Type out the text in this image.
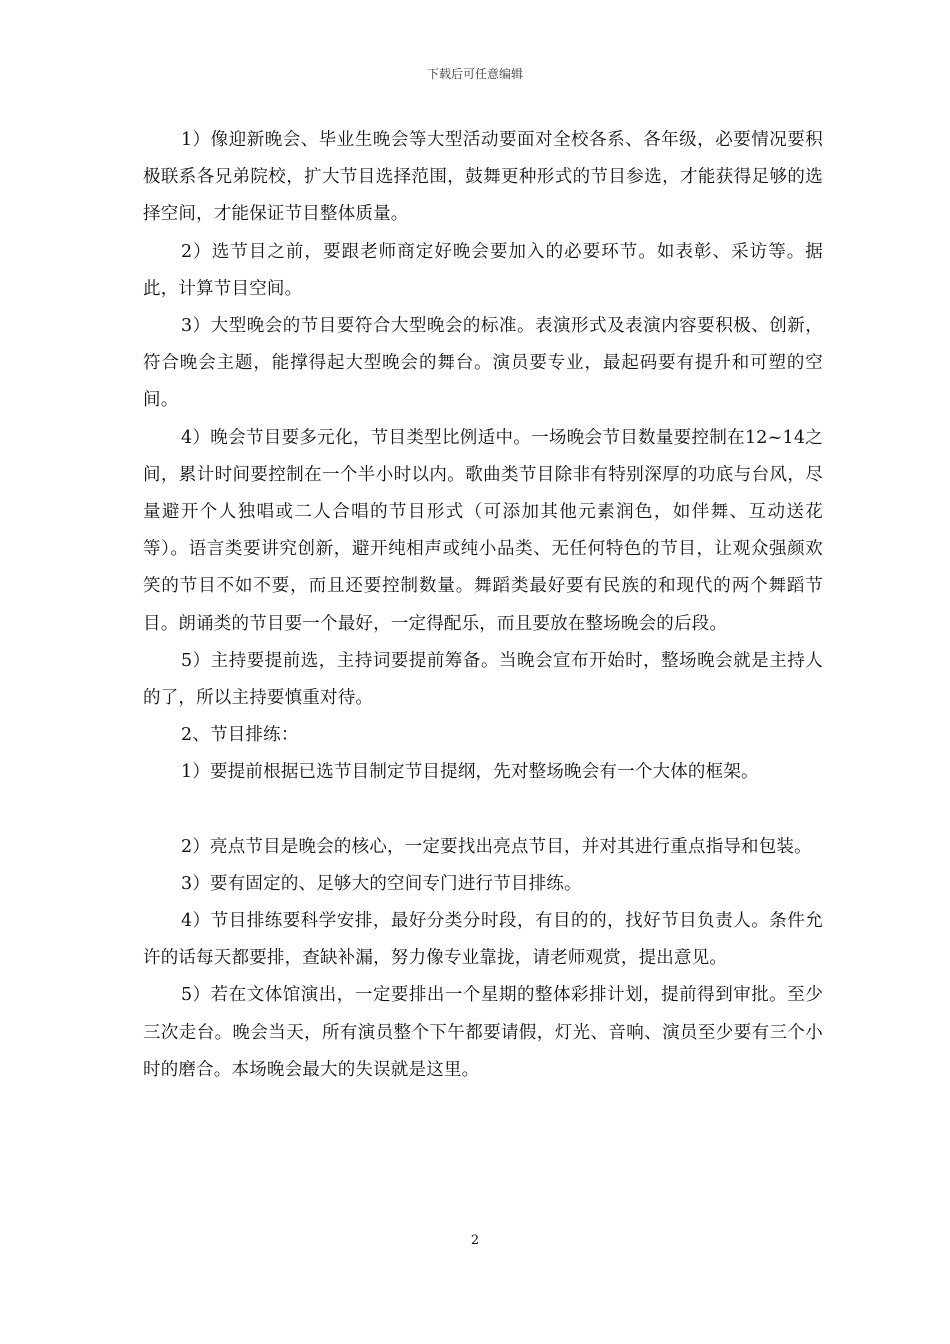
下载后可任意编辑

1）像迎新晚会、毕业生晚会等大型活动要面对全校各系、各年级，必要情况要积极联系各兄弟院校，扩大节目选择范围，鼓舞更种形式的节目参选，才能获得足够的选择空间，才能保证节目整体质量。

2）选节目之前，要跟老师商定好晚会要加入的必要环节。如表彰、采访等。据此，计算节目空间。

3）大型晚会的节目要符合大型晚会的标准。表演形式及表演内容要积极、创新，符合晚会主题，能撑得起大型晚会的舞台。演员要专业，最起码要有提升和可塑的空间。

4）晚会节目要多元化，节目类型比例适中。一场晚会节目数量要控制在12~14之间，累计时间要控制在一个半小时以内。歌曲类节目除非有特别深厚的功底与台风，尽量避开个人独唱或二人合唱的节目形式（可添加其他元素润色，如伴舞、互动送花等）。语言类要讲究创新，避开纯相声或纯小品类、无任何特色的节目，让观众强颜欢笑的节目不如不要，而且还要控制数量。舞蹈类最好要有民族的和现代的两个舞蹈节目。朗诵类的节目要一个最好，一定得配乐，而且要放在整场晚会的后段。

5）主持要提前选，主持词要提前筹备。当晚会宣布开始时，整场晚会就是主持人的了，所以主持要慎重对待。

2、节目排练：

1）要提前根据已选节目制定节目提纲，先对整场晚会有一个大体的框架。

2）亮点节目是晚会的核心，一定要找出亮点节目，并对其进行重点指导和包装。

3）要有固定的、足够大的空间专门进行节目排练。

4）节目排练要科学安排，最好分类分时段，有目的的，找好节目负责人。条件允许的话每天都要排，查缺补漏，努力像专业靠拢，请老师观赏，提出意见。

5）若在文体馆演出，一定要排出一个星期的整体彩排计划，提前得到审批。至少三次走台。晚会当天，所有演员整个下午都要请假，灯光、音响、演员至少要有三个小时的磨合。本场晚会最大的失误就是这里。

2
